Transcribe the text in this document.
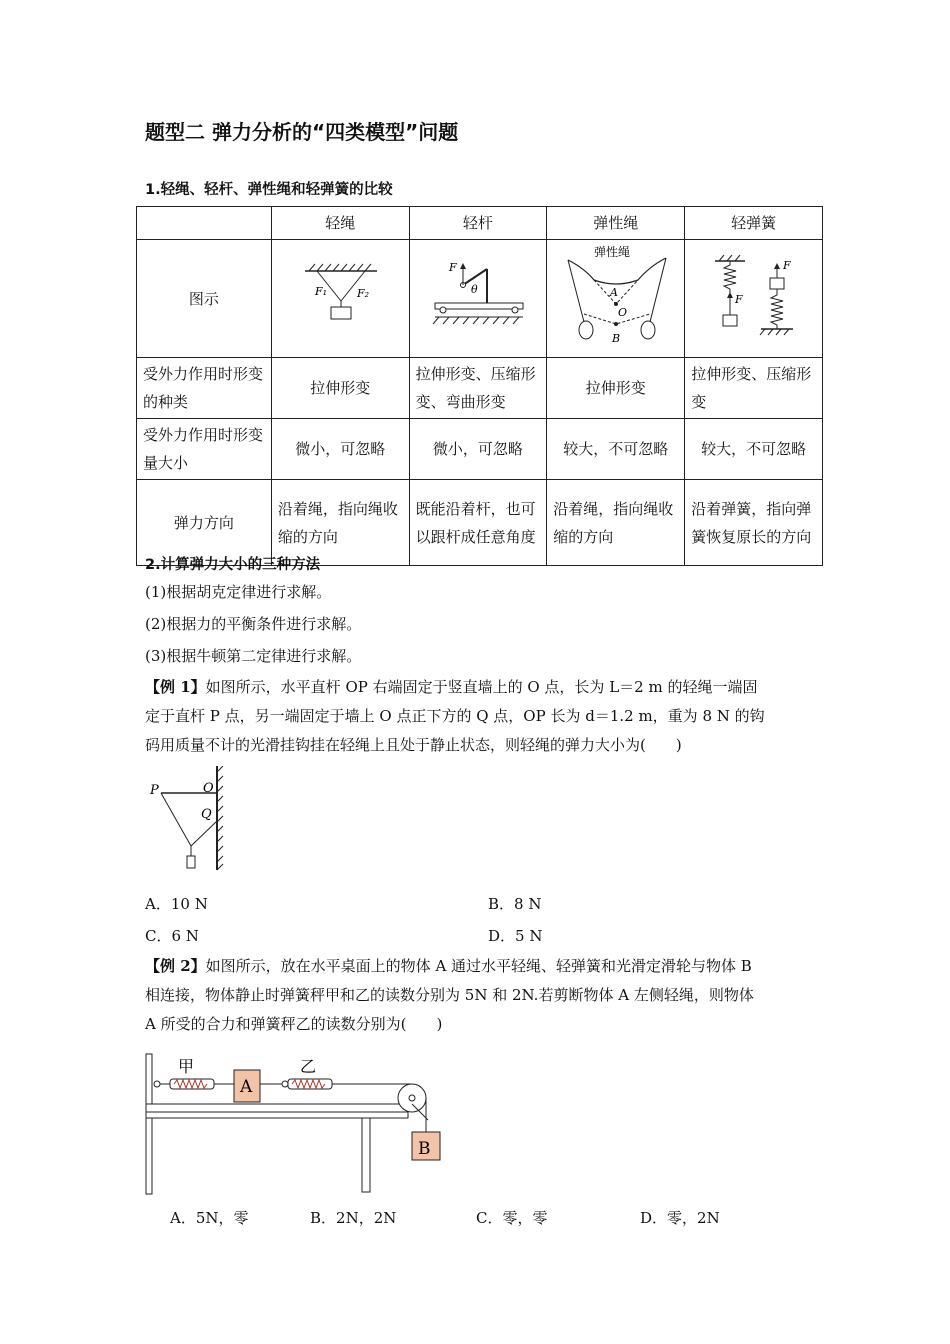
题型二 弹力分析的“四类模型”问题
1.轻绳、轻杆、弹性绳和轻弹簧的比较
	轻绳	轻杆	弹性绳	轻弹簧
图示	F₁ F₂	F
θ	弹性绳
A
O
B	F
F

受外力作用时形变的种类	拉伸形变	拉伸形变、压缩形变、弯曲形变	拉伸形变	拉伸形变、压缩形变
受外力作用时形变量大小	微小，可忽略	微小，可忽略	较大，不可忽略	较大，不可忽略
弹力方向	沿着绳，指向绳收缩的方向	既能沿着杆，也可以跟杆成任意角度	沿着绳，指向绳收缩的方向	沿着弹簧，指向弹簧恢复原长的方向
2.计算弹力大小的三种方法
(1)根据胡克定律进行求解。
(2)根据力的平衡条件进行求解。
(3)根据牛顿第二定律进行求解。
【例 1】如图所示，水平直杆 OP 右端固定于竖直墙上的 O 点，长为 L＝2 m 的轻绳一端固
定于直杆 P 点，另一端固定于墙上 O 点正下方的 Q 点，OP 长为 d＝1.2 m，重为 8 N 的钩
码用质量不计的光滑挂钩挂在轻绳上且处于静止状态，则轻绳的弹力大小为(　　)
P	O
Q
A．10 N	B．8 N
C．6 N	D．5 N
【例 2】如图所示，放在水平桌面上的物体 A 通过水平轻绳、轻弹簧和光滑定滑轮与物体 B
相连接，物体静止时弹簧秤甲和乙的读数分别为 5N 和 2N.若剪断物体 A 左侧轻绳，则物体
A 所受的合力和弹簧秤乙的读数分别为(　　)
A
B
甲	乙
A．5N，零	B．2N，2N	C．零，零	D．零，2N
